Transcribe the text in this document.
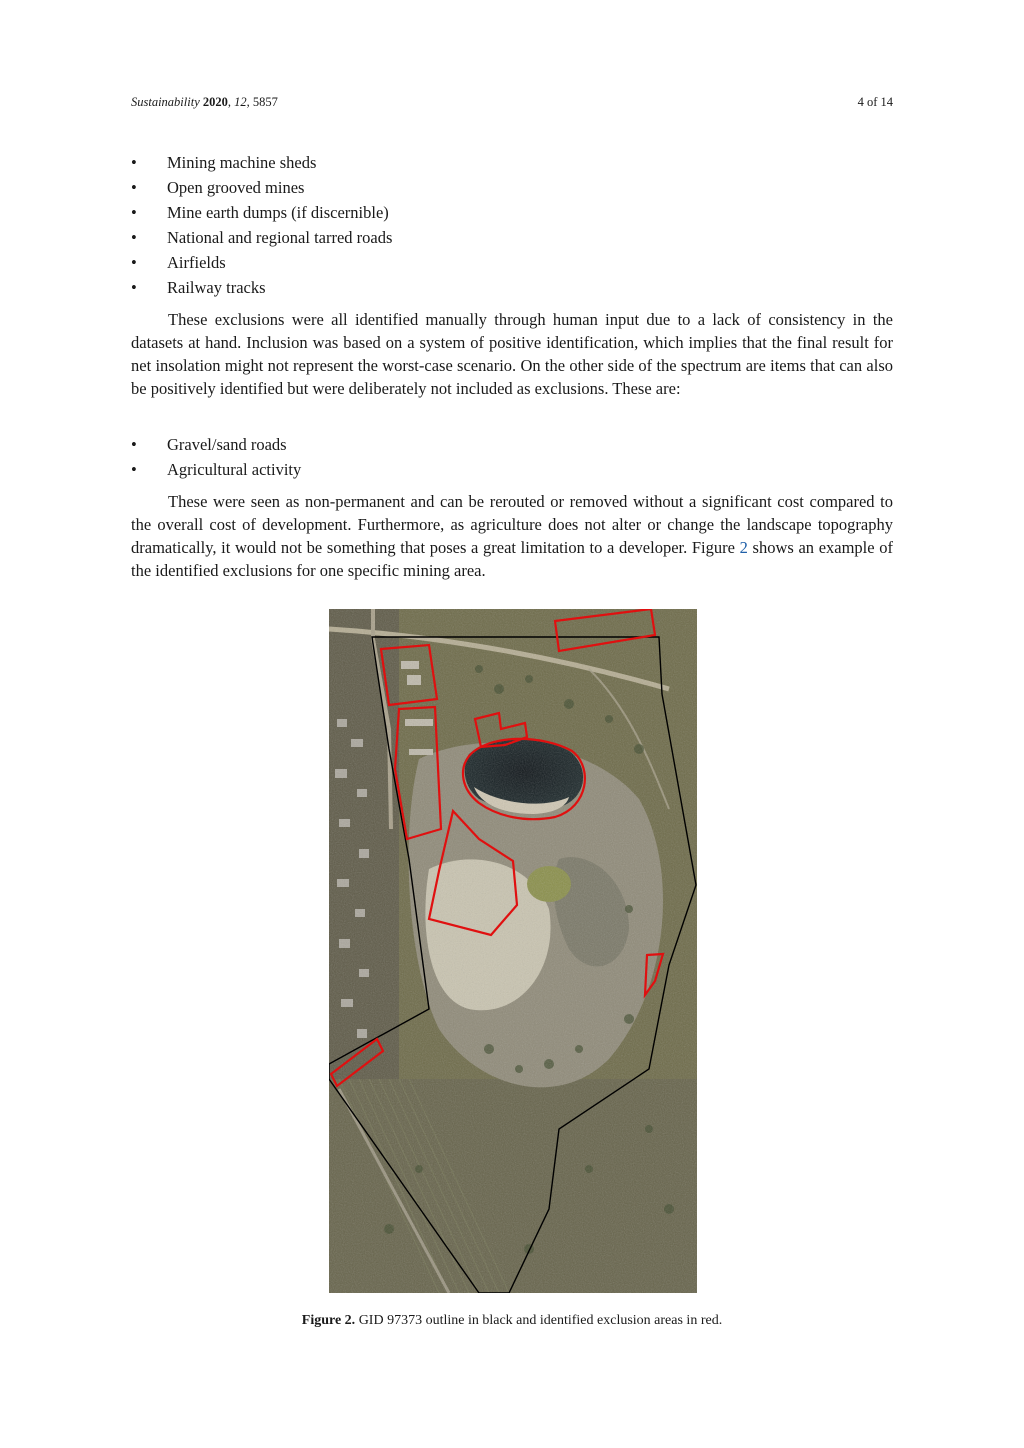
Sustainability 2020, 12, 5857	4 of 14
• Mining machine sheds
• Open grooved mines
• Mine earth dumps (if discernible)
• National and regional tarred roads
• Airfields
• Railway tracks

These exclusions were all identified manually through human input due to a lack of consistency in the datasets at hand. Inclusion was based on a system of positive identification, which implies that the final result for net insolation might not represent the worst-case scenario. On the other side of the spectrum are items that can also be positively identified but were deliberately not included as exclusions. These are:

• Gravel/sand roads
• Agricultural activity

These were seen as non-permanent and can be rerouted or removed without a significant cost compared to the overall cost of development. Furthermore, as agriculture does not alter or change the landscape topography dramatically, it would not be something that poses a great limitation to a developer. Figure 2 shows an example of the identified exclusions for one specific mining area.

Figure 2. GID 97373 outline in black and identified exclusion areas in red.
